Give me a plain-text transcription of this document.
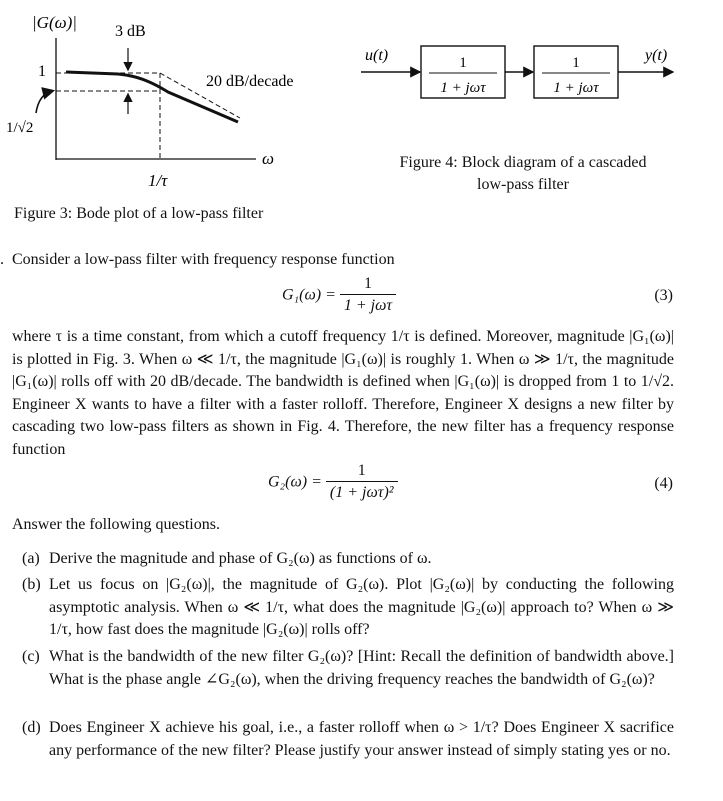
|G(ω)| 3 dB
1
1/√2
20 dB/decade
ω
1/τ
Figure 3: Bode plot of a low-pass filter
1
1 + jωτ
1
1 + jωτ
u(t)	y(t)
Figure 4: Block diagram of a cascaded
low-pass filter
. Consider a low-pass filter with frequency response function
$G_1(\omega) = \frac{1}{\text{1 + jωτ}}$	(3)

where τ is a time constant, from which a cutoff frequency 1/τ is defined. Moreover, magnitude |G₁(ω)| is plotted in Fig. 3. When ω ≪ 1/τ, the magnitude |G₁(ω)| is roughly 1. When ω ≫ 1/τ, the magnitude |G₁(ω)| rolls off with 20 dB/decade. The bandwidth is defined when |G₁(ω)| is dropped from 1 to 1/√2. Engineer X wants to have a filter with a faster rolloff. Therefore, Engineer X designs a new filter by cascading two low-pass filters as shown in Fig. 4. Therefore, the new filter has a frequency response function

$G_2(\omega) = \frac{1}{\text{(1 + jωτ)²}}$	(4)
Answer the following questions.
(a) Derive the magnitude and phase of G₂(ω) as functions of ω.
(b) Let us focus on |G₂(ω)|, the magnitude of G₂(ω). Plot |G₂(ω)| by conducting the following asymptotic analysis. When ω ≪ 1/τ, what does the magnitude |G₂(ω)| approach to? When ω ≫ 1/τ, how fast does the magnitude |G₂(ω)| rolls off?
(c) What is the bandwidth of the new filter G₂(ω)? [Hint: Recall the definition of bandwidth above.] What is the phase angle ∠G₂(ω), when the driving frequency reaches the bandwidth of G₂(ω)?
(d) Does Engineer X achieve his goal, i.e., a faster rolloff when ω > 1/τ? Does Engineer X sacrifice any performance of the new filter? Please justify your answer instead of simply stating yes or no.
